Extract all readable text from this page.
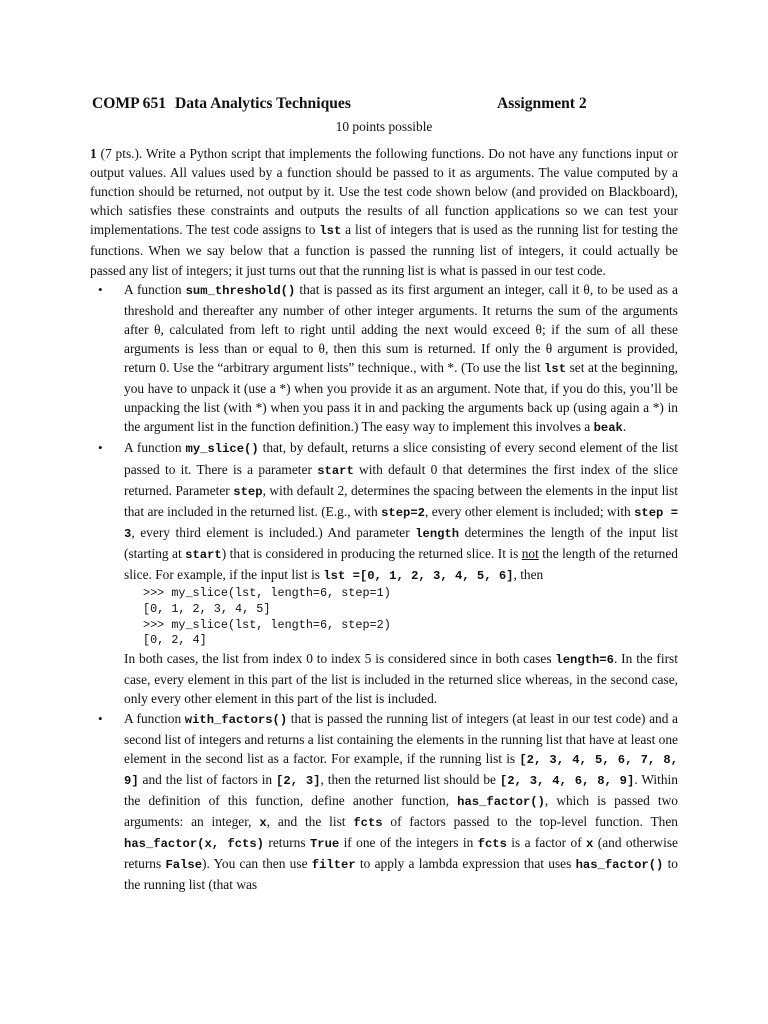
COMP 651 Data Analytics Techniques	Assignment 2
10 points possible

1 (7 pts.). Write a Python script that implements the following functions. Do not have any functions input or output values. All values used by a function should be passed to it as arguments. The value computed by a function should be returned, not output by it. Use the test code shown below (and provided on Blackboard), which satisfies these constraints and outputs the results of all function applications so we can test your implementations. The test code assigns to lst a list of integers that is used as the running list for testing the functions. When we say below that a function is passed the running list of integers, it could actually be passed any list of integers; it just turns out that the running list is what is passed in our test code.

• A function sum_threshold() that is passed as its first argument an integer, call it θ, to be used as a threshold and thereafter any number of other integer arguments. It returns the sum of the arguments after θ, calculated from left to right until adding the next would exceed θ; if the sum of all these arguments is less than or equal to θ, then this sum is returned. If only the θ argument is provided, return 0. Use the “arbitrary argument lists” technique., with *. (To use the list lst set at the beginning, you have to unpack it (use a *) when you provide it as an argument. Note that, if you do this, you’ll be unpacking the list (with *) when you pass it in and packing the arguments back up (using again a *) in the argument list in the function definition.) The easy way to implement this involves a beak.
• A function my_slice() that, by default, returns a slice consisting of every second element of the list passed to it. There is a parameter start with default 0 that determines the first index of the slice returned. Parameter step, with default 2, determines the spacing between the elements in the input list that are included in the returned list. (E.g., with step=2, every other element is included; with step = 3, every third element is included.) And parameter length determines the length of the input list (starting at start) that is considered in producing the returned slice. It is not the length of the returned slice. For example, if the input list is lst =[0, 1, 2, 3, 4, 5, 6], then
>>> my_slice(lst, length=6, step=1)
[0, 1, 2, 3, 4, 5]
>>> my_slice(lst, length=6, step=2)
[0, 2, 4]

In both cases, the list from index 0 to index 5 is considered since in both cases length=6. In the first case, every element in this part of the list is included in the returned slice whereas, in the second case, only every other element in this part of the list is included.

• A function with_factors() that is passed the running list of integers (at least in our test code) and a second list of integers and returns a list containing the elements in the running list that have at least one element in the second list as a factor. For example, if the running list is [2, 3, 4, 5, 6, 7, 8, 9] and the list of factors in [2, 3], then the returned list should be [2, 3, 4, 6, 8, 9]. Within the definition of this function, define another function, has_factor(), which is passed two arguments: an integer, x, and the list fcts of factors passed to the top-level function. Then has_factor(x, fcts) returns True if one of the integers in fcts is a factor of x (and otherwise returns False). You can then use filter to apply a lambda expression that uses has_factor() to the running list (that was
